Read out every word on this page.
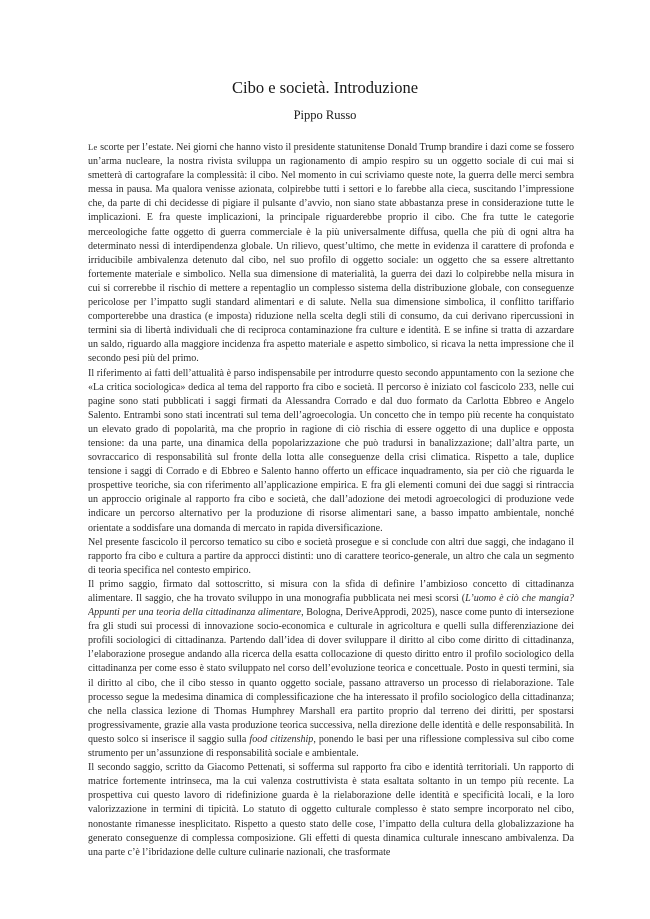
Cibo e società. Introduzione
Pippo Russo

Le scorte per l’estate. Nei giorni che hanno visto il presidente statunitense Donald Trump brandire i dazi come se fossero un’arma nucleare, la nostra rivista sviluppa un ragionamento di ampio respiro su un oggetto sociale di cui mai si smetterà di cartografare la complessità: il cibo. Nel momento in cui scriviamo queste note, la guerra delle merci sembra messa in pausa. Ma qualora venisse azionata, colpirebbe tutti i settori e lo farebbe alla cieca, suscitando l’impressione che, da parte di chi decidesse di pigiare il pulsante d’avvio, non siano state abbastanza prese in considerazione tutte le implicazioni. E fra queste implicazioni, la principale riguarderebbe proprio il cibo. Che fra tutte le categorie merceologiche fatte oggetto di guerra commerciale è la più universalmente diffusa, quella che più di ogni altra ha determinato nessi di interdipendenza globale. Un rilievo, quest’ultimo, che mette in evidenza il carattere di profonda e irriducibile ambivalenza detenuto dal cibo, nel suo profilo di oggetto sociale: un oggetto che sa essere altrettanto fortemente materiale e simbolico. Nella sua dimensione di materialità, la guerra dei dazi lo colpirebbe nella misura in cui si correrebbe il rischio di mettere a repentaglio un complesso sistema della distribuzione globale, con conseguenze pericolose per l’impatto sugli standard alimentari e di salute. Nella sua dimensione simbolica, il conflitto tariffario comporterebbe una drastica (e imposta) riduzione nella scelta degli stili di consumo, da cui derivano ripercussioni in termini sia di libertà individuali che di reciproca contaminazione fra culture e identità. E se infine si tratta di azzardare un saldo, riguardo alla maggiore incidenza fra aspetto materiale e aspetto simbolico, si ricava la netta impressione che il secondo pesi più del primo.

Il riferimento ai fatti dell’attualità è parso indispensabile per introdurre questo secondo appuntamento con la sezione che «La critica sociologica» dedica al tema del rapporto fra cibo e società. Il percorso è iniziato col fascicolo 233, nelle cui pagine sono stati pubblicati i saggi firmati da Alessandra Corrado e dal duo formato da Carlotta Ebbreo e Angelo Salento. Entrambi sono stati incentrati sul tema dell’agroecologia. Un concetto che in tempo più recente ha conquistato un elevato grado di popolarità, ma che proprio in ragione di ciò rischia di essere oggetto di una duplice e opposta tensione: da una parte, una dinamica della popolarizzazione che può tradursi in banalizzazione; dall’altra parte, un sovraccarico di responsabilità sul fronte della lotta alle conseguenze della crisi climatica. Rispetto a tale, duplice tensione i saggi di Corrado e di Ebbreo e Salento hanno offerto un efficace inquadramento, sia per ciò che riguarda le prospettive teoriche, sia con riferimento all’applicazione empirica. E fra gli elementi comuni dei due saggi si rintraccia un approccio originale al rapporto fra cibo e società, che dall’adozione dei metodi agroecologici di produzione vede indicare un percorso alternativo per la produzione di risorse alimentari sane, a basso impatto ambientale, nonché orientate a soddisfare una domanda di mercato in rapida diversificazione.

Nel presente fascicolo il percorso tematico su cibo e società prosegue e si conclude con altri due saggi, che indagano il rapporto fra cibo e cultura a partire da approcci distinti: uno di carattere teorico-generale, un altro che cala un segmento di teoria specifica nel contesto empirico.

Il primo saggio, firmato dal sottoscritto, si misura con la sfida di definire l’ambizioso concetto di cittadinanza alimentare. Il saggio, che ha trovato sviluppo in una monografia pubblicata nei mesi scorsi (L’uomo è ciò che mangia? Appunti per una teoria della cittadinanza alimentare, Bologna, DeriveApprodi, 2025), nasce come punto di intersezione fra gli studi sui processi di innovazione socio-economica e culturale in agricoltura e quelli sulla differenziazione dei profili sociologici di cittadinanza. Partendo dall’idea di dover sviluppare il diritto al cibo come diritto di cittadinanza, l’elaborazione prosegue andando alla ricerca della esatta collocazione di questo diritto entro il profilo sociologico della cittadinanza per come esso è stato sviluppato nel corso dell’evoluzione teorica e concettuale. Posto in questi termini, sia il diritto al cibo, che il cibo stesso in quanto oggetto sociale, passano attraverso un processo di rielaborazione. Tale processo segue la medesima dinamica di complessificazione che ha interessato il profilo sociologico della cittadinanza; che nella classica lezione di Thomas Humphrey Marshall era partito proprio dal terreno dei diritti, per spostarsi progressivamente, grazie alla vasta produzione teorica successiva, nella direzione delle identità e delle responsabilità. In questo solco si inserisce il saggio sulla food citizenship, ponendo le basi per una riflessione complessiva sul cibo come strumento per un’assunzione di responsabilità sociale e ambientale.

Il secondo saggio, scritto da Giacomo Pettenati, si sofferma sul rapporto fra cibo e identità territoriali. Un rapporto di matrice fortemente intrinseca, ma la cui valenza costruttivista è stata esaltata soltanto in un tempo più recente. La prospettiva cui questo lavoro di ridefinizione guarda è la rielaborazione delle identità e specificità locali, e la loro valorizzazione in termini di tipicità. Lo statuto di oggetto culturale complesso è stato sempre incorporato nel cibo, nonostante rimanesse inesplicitato. Rispetto a questo stato delle cose, l’impatto della cultura della globalizzazione ha generato conseguenze di complessa composizione. Gli effetti di questa dinamica culturale innescano ambivalenza. Da una parte c’è l’ibridazione delle culture culinarie nazionali, che trasformate
